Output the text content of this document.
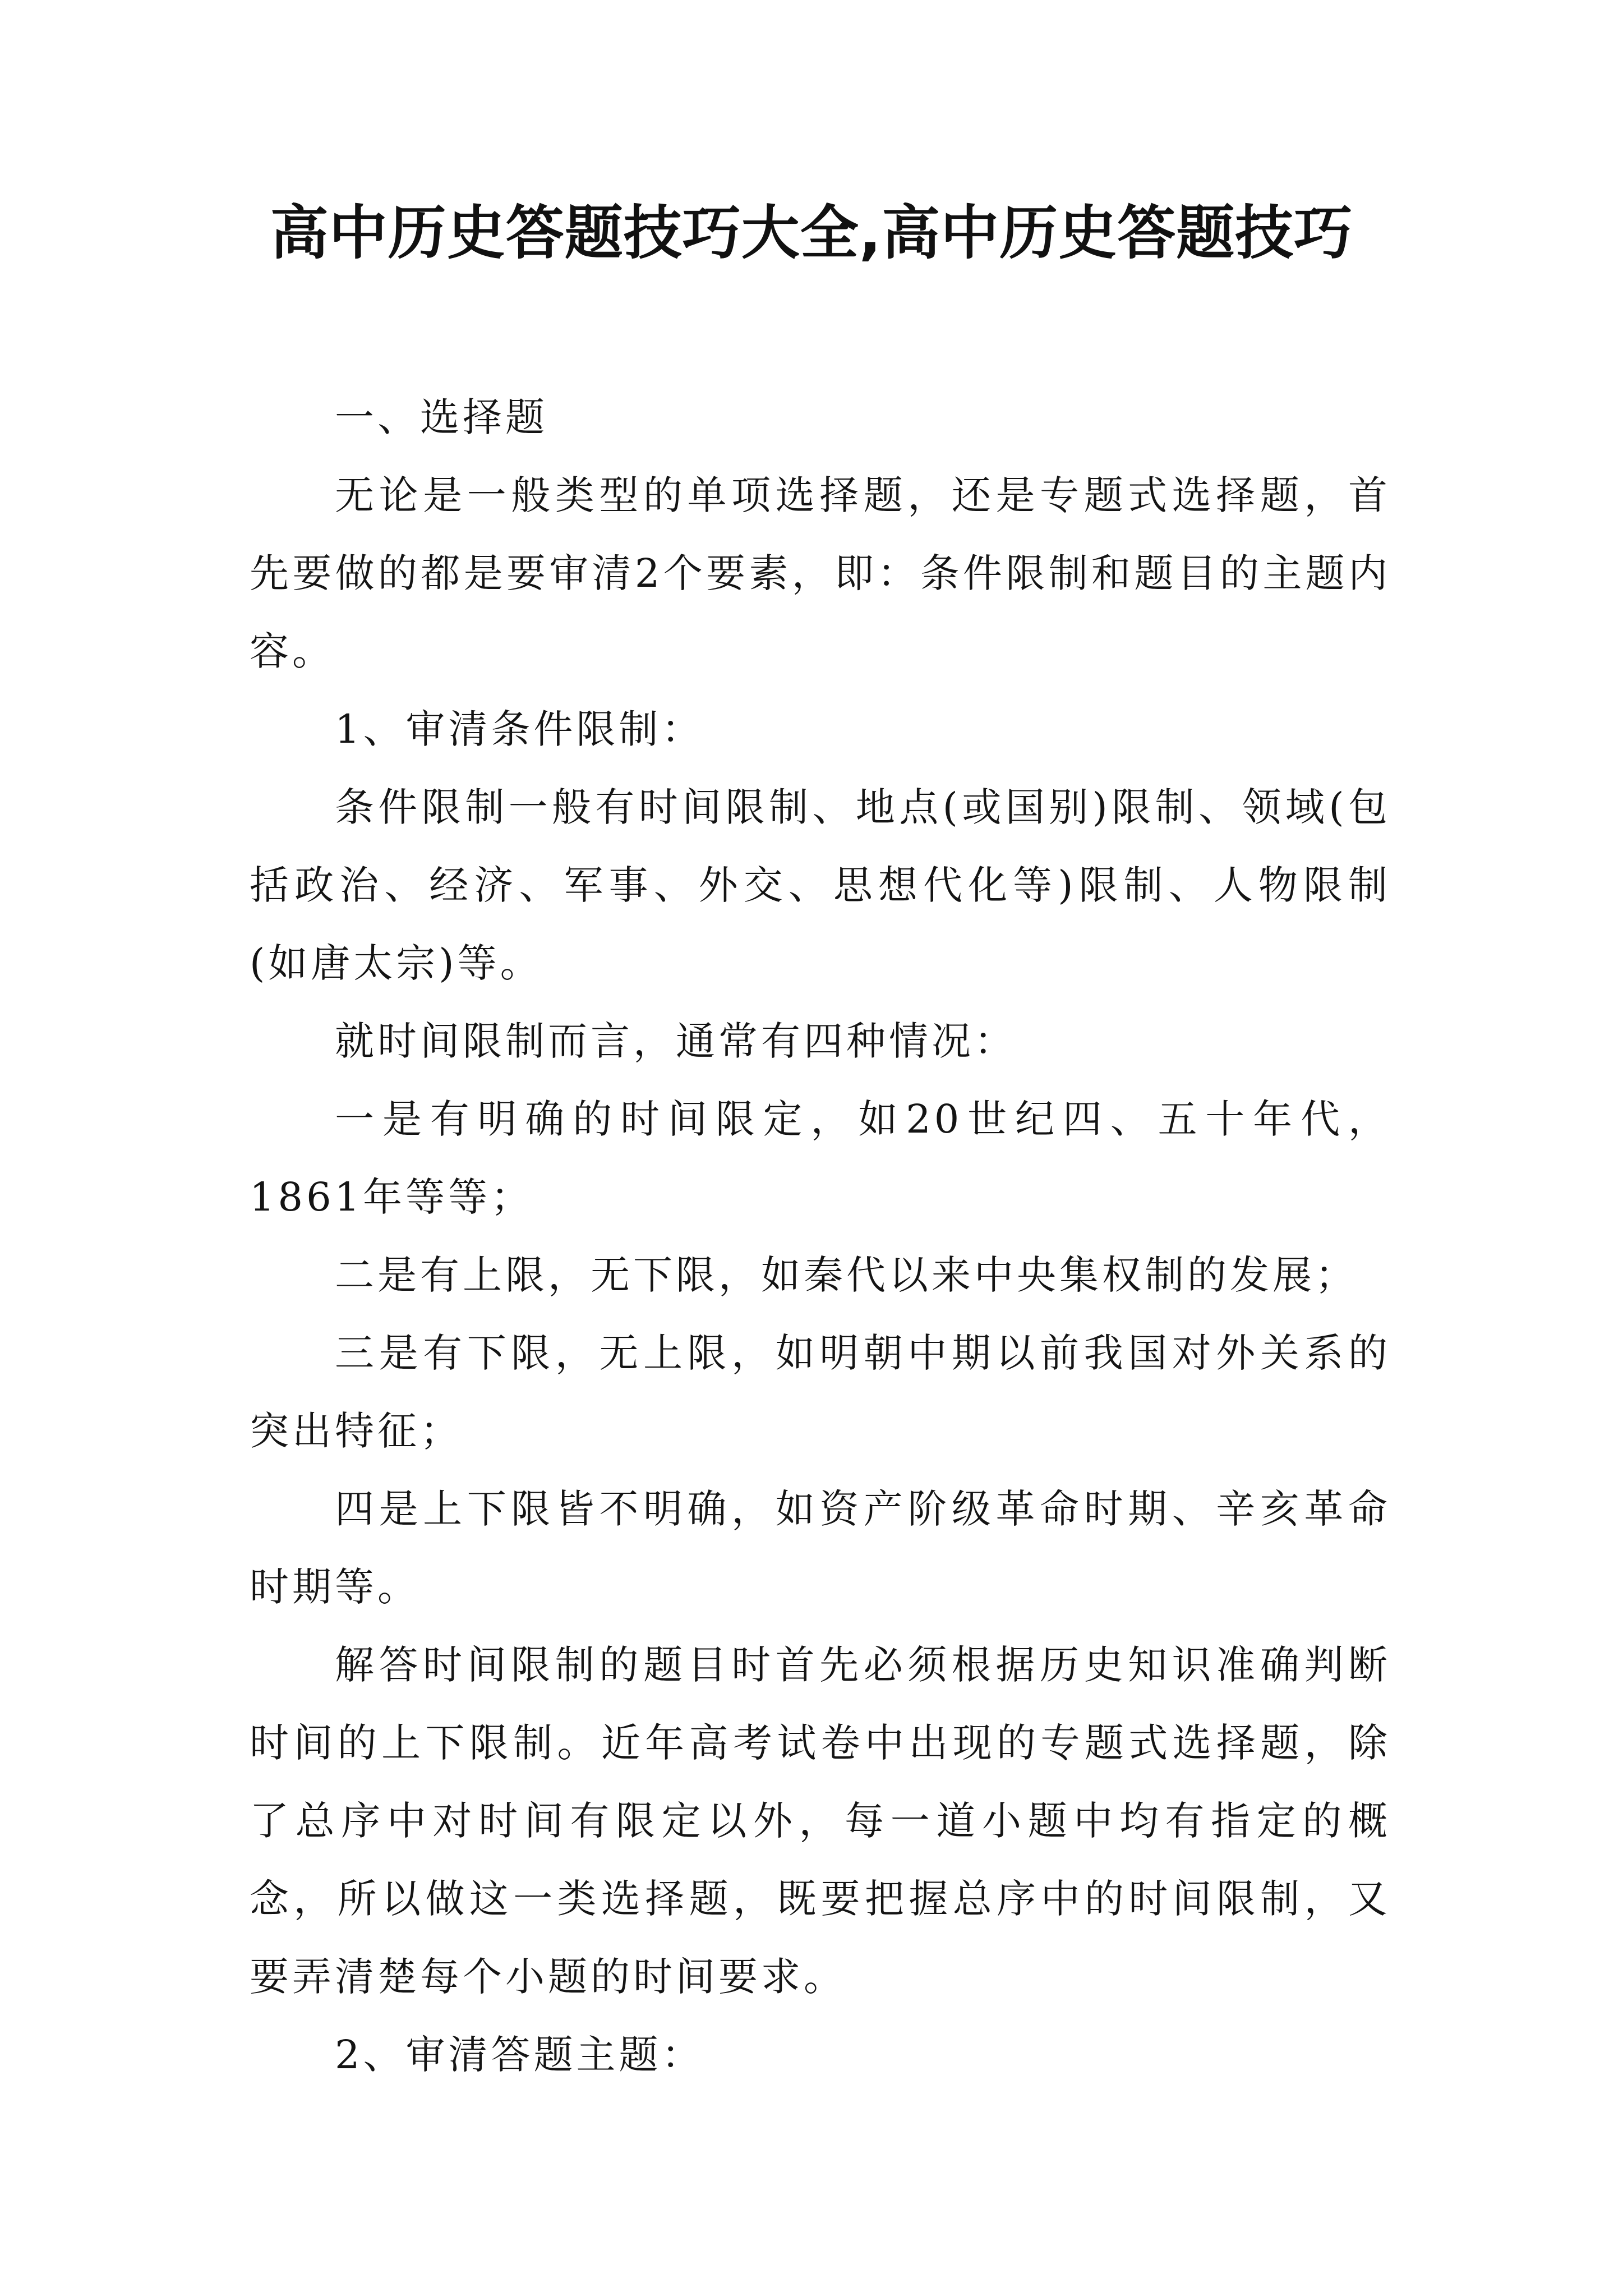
高中历史答题技巧大全,高中历史答题技巧

一、选择题

无论是一般类型的单项选择题，还是专题式选择题，首先要做的都是要审清2个要素，即：条件限制和题目的主题内容。

1、审清条件限制：

条件限制一般有时间限制、地点(或国别)限制、领域(包括政治、经济、军事、外交、思想代化等)限制、人物限制(如唐太宗)等。

就时间限制而言，通常有四种情况：

一是有明确的时间限定，如20世纪四、五十年代，1861年等等；

二是有上限，无下限，如秦代以来中央集权制的发展；

三是有下限，无上限，如明朝中期以前我国对外关系的突出特征；

四是上下限皆不明确，如资产阶级革命时期、辛亥革命时期等。

解答时间限制的题目时首先必须根据历史知识准确判断时间的上下限制。近年高考试卷中出现的专题式选择题，除了总序中对时间有限定以外，每一道小题中均有指定的概念，所以做这一类选择题，既要把握总序中的时间限制，又要弄清楚每个小题的时间要求。

2、审清答题主题：
